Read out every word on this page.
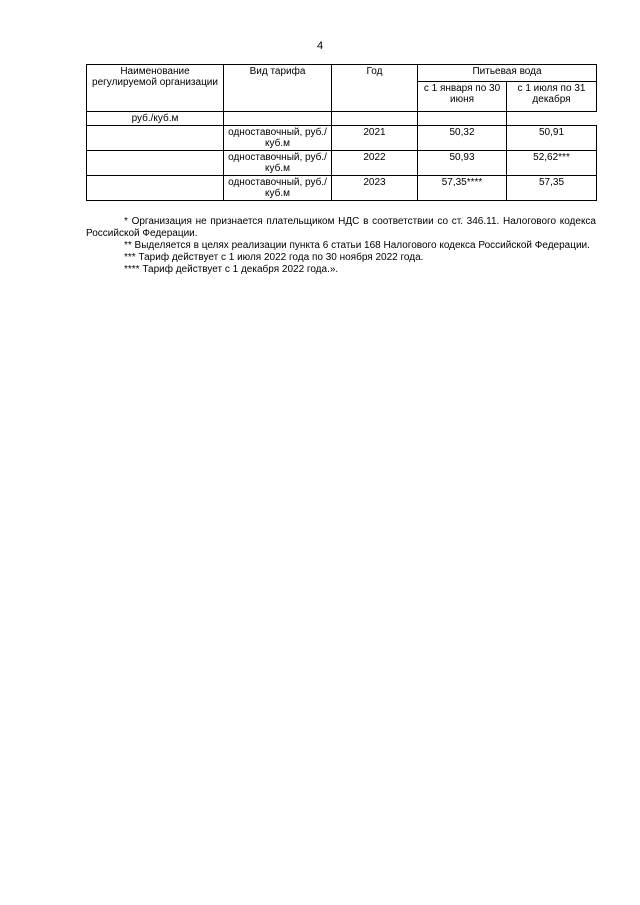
4
Наименование регулируемой организации	Вид тарифа	Год	Питьевая вода	
			с 1 января по 30 июня	с 1 июля по 31 декабря
руб./куб.м				
	одноставочный, руб./куб.м	2021	50,32	50,91
	одноставочный, руб./куб.м	2022	50,93	52,62***
	одноставочный, руб./куб.м	2023	57,35****	57,35

* Организация не признается плательщиком НДС в соответствии со ст. 346.11. Налогового кодекса Российской Федерации.

** Выделяется в целях реализации пункта 6 статьи 168 Налогового кодекса Российской Федерации.

*** Тариф действует с 1 июля 2022 года по 30 ноября 2022 года.

**** Тариф действует с 1 декабря 2022 года.».
